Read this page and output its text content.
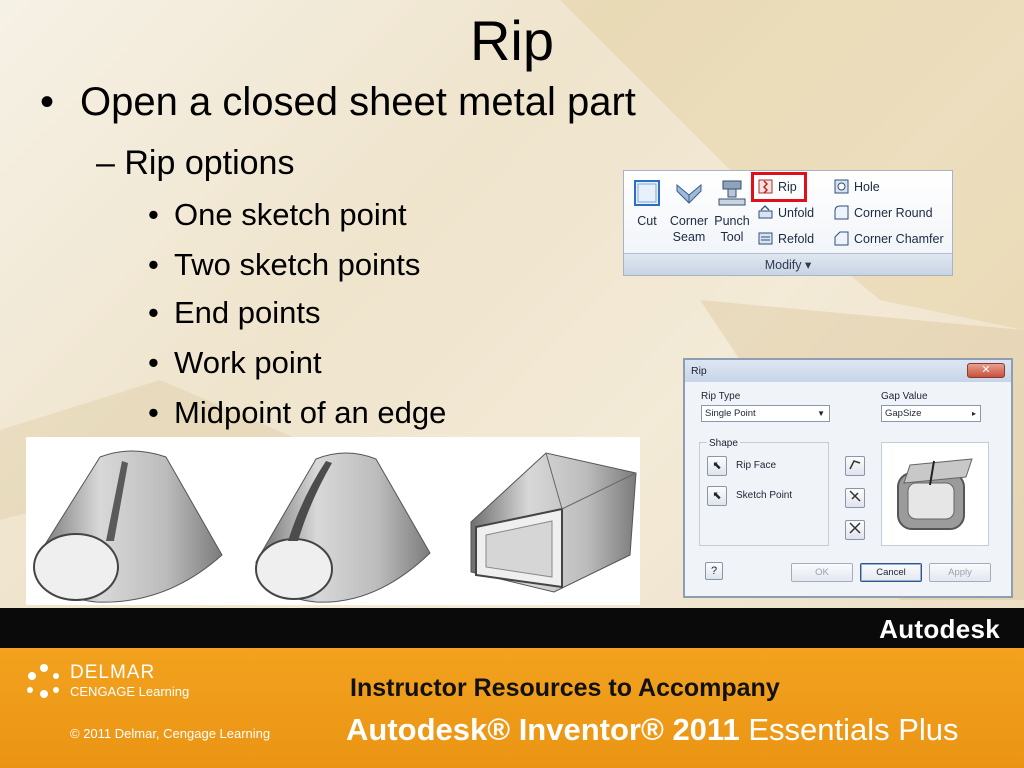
Rip
• Open a closed sheet metal part
– Rip options
• One sketch point
• Two sketch points
• End points
• Work point
• Midpoint of an edge
Cut	Corner
Seam
Punch
Tool
Rip
Unfold
Refold
Hole
Corner Round
Corner Chamfer
Modify ▾
Rip	✕
Rip Type
Single Point	▼
Gap Value
GapSize	▸
Shape
⬉	Rip Face
⬉	Sketch Point
?	OK	Cancel	Apply
Autodesk
DELMAR
CENGAGE Learning
© 2011 Delmar, Cengage Learning
Instructor Resources to Accompany
Autodesk® Inventor® 2011 Essentials Plus
